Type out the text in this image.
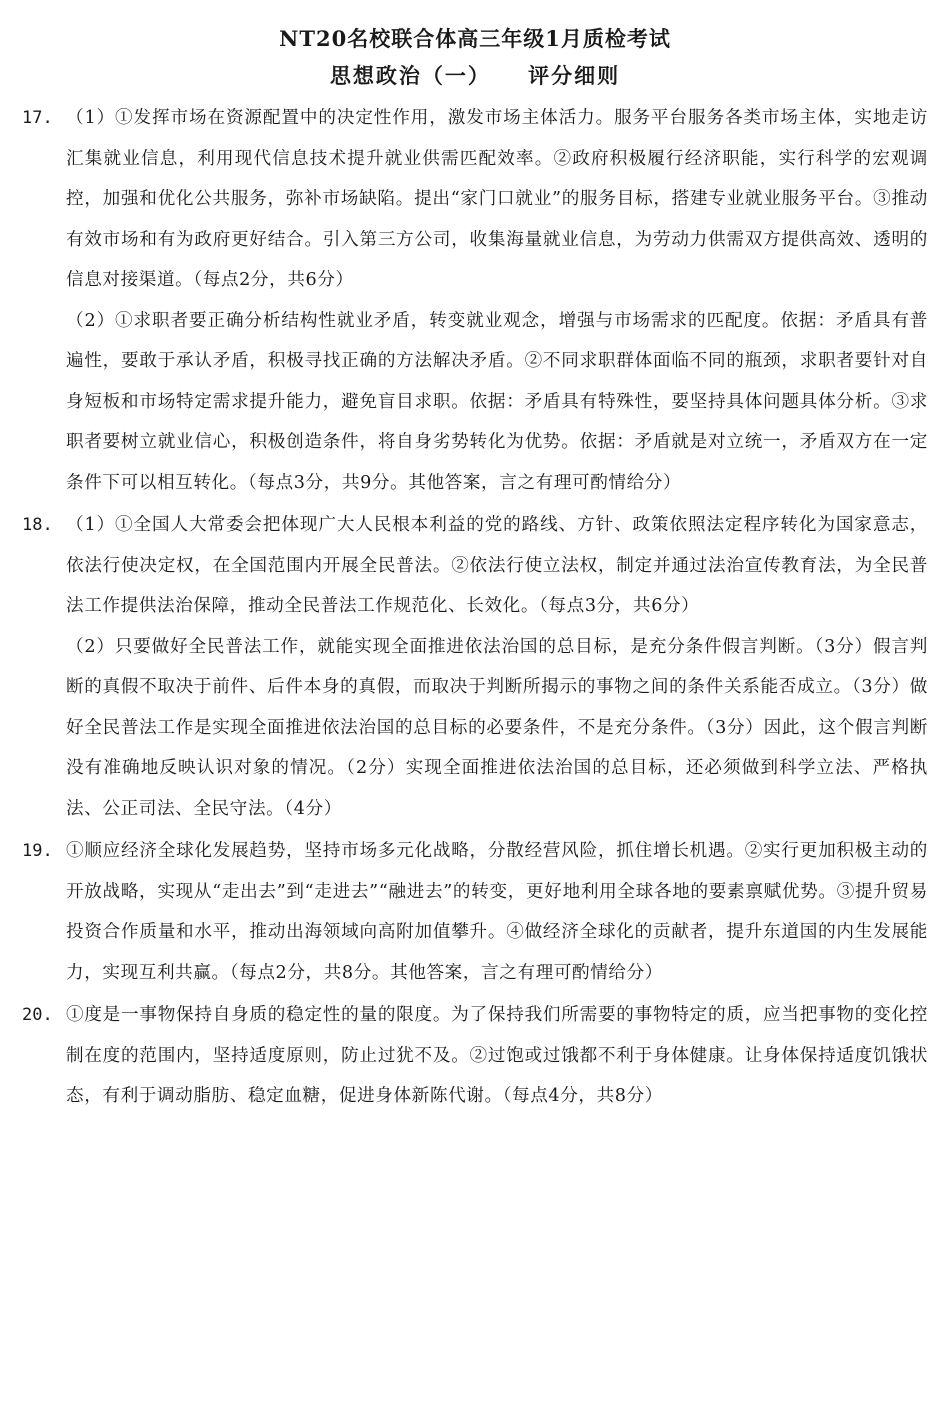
NT20名校联合体高三年级1月质检考试
思想政治（一）    评分细则
17. （1）①发挥市场在资源配置中的决定性作用，激发市场主体活力。服务平台服务各类市场主体，实地走访汇集就业信息，利用现代信息技术提升就业供需匹配效率。②政府积极履行经济职能，实行科学的宏观调控，加强和优化公共服务，弥补市场缺陷。提出“家门口就业”的服务目标，搭建专业就业服务平台。③推动有效市场和有为政府更好结合。引入第三方公司，收集海量就业信息，为劳动力供需双方提供高效、透明的信息对接渠道。（每点2分，共6分）

（2）①求职者要正确分析结构性就业矛盾，转变就业观念，增强与市场需求的匹配度。依据：矛盾具有普遍性，要敢于承认矛盾，积极寻找正确的方法解决矛盾。②不同求职群体面临不同的瓶颈，求职者要针对自身短板和市场特定需求提升能力，避免盲目求职。依据：矛盾具有特殊性，要坚持具体问题具体分析。③求职者要树立就业信心，积极创造条件，将自身劣势转化为优势。依据：矛盾就是对立统一，矛盾双方在一定条件下可以相互转化。（每点3分，共9分。其他答案，言之有理可酌情给分）

18. （1）①全国人大常委会把体现广大人民根本利益的党的路线、方针、政策依照法定程序转化为国家意志，依法行使决定权，在全国范围内开展全民普法。②依法行使立法权，制定并通过法治宣传教育法，为全民普法工作提供法治保障，推动全民普法工作规范化、长效化。（每点3分，共6分）

（2）只要做好全民普法工作，就能实现全面推进依法治国的总目标，是充分条件假言判断。（3分）假言判断的真假不取决于前件、后件本身的真假，而取决于判断所揭示的事物之间的条件关系能否成立。（3分）做好全民普法工作是实现全面推进依法治国的总目标的必要条件，不是充分条件。（3分）因此，这个假言判断没有准确地反映认识对象的情况。（2分）实现全面推进依法治国的总目标，还必须做到科学立法、严格执法、公正司法、全民守法。（4分）

19. ①顺应经济全球化发展趋势，坚持市场多元化战略，分散经营风险，抓住增长机遇。②实行更加积极主动的开放战略，实现从“走出去”到“走进去”“融进去”的转变，更好地利用全球各地的要素禀赋优势。③提升贸易投资合作质量和水平，推动出海领域向高附加值攀升。④做经济全球化的贡献者，提升东道国的内生发展能力，实现互利共赢。（每点2分，共8分。其他答案，言之有理可酌情给分）

20. ①度是一事物保持自身质的稳定性的量的限度。为了保持我们所需要的事物特定的质，应当把事物的变化控制在度的范围内，坚持适度原则，防止过犹不及。②过饱或过饿都不利于身体健康。让身体保持适度饥饿状态，有利于调动脂肪、稳定血糖，促进身体新陈代谢。（每点4分，共8分）
